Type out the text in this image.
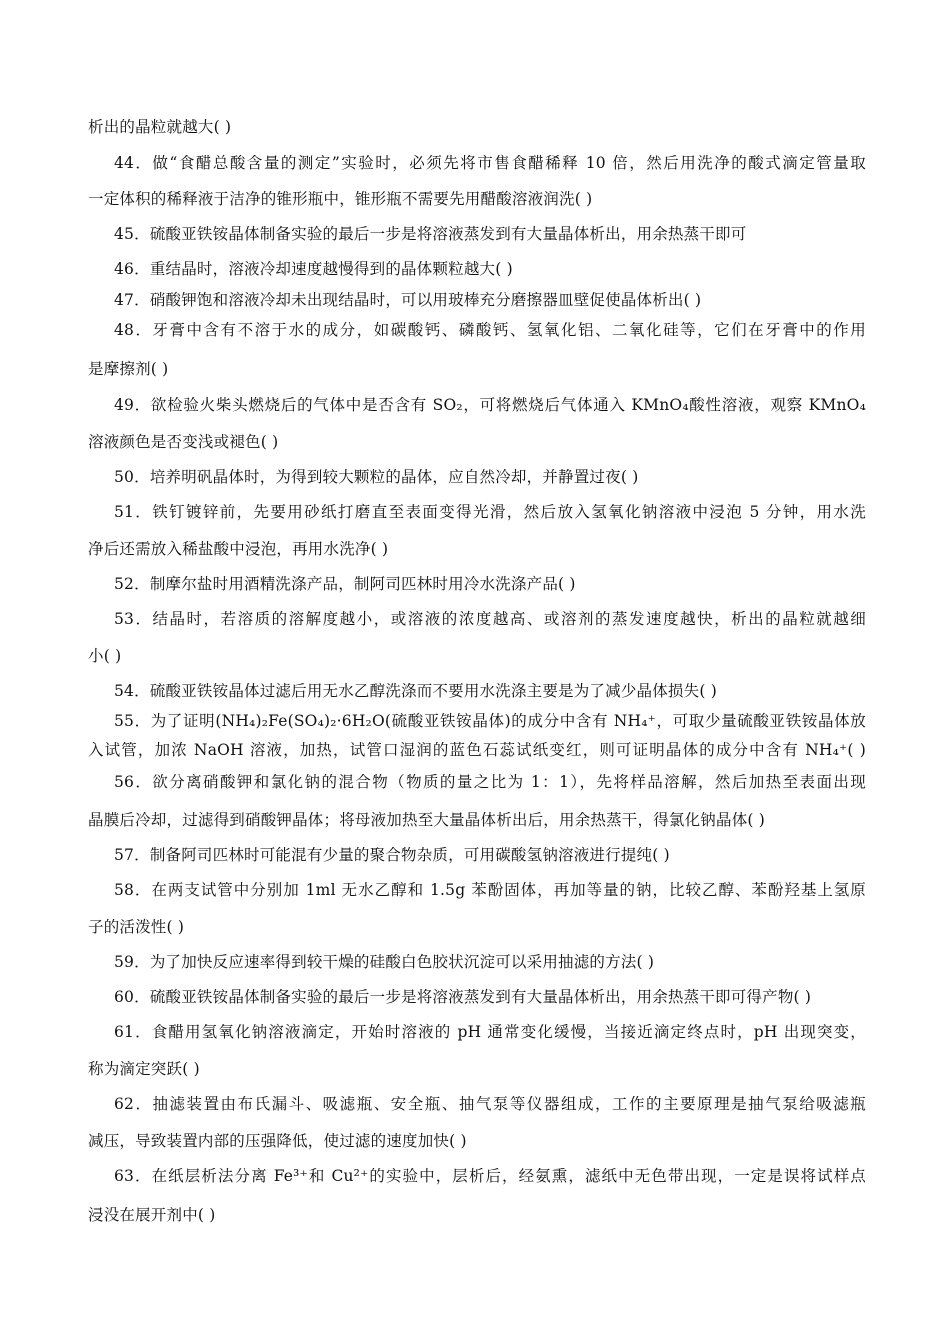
析出的晶粒就越大( )
44．做“食醋总酸含量的测定”实验时，必须先将市售食醋稀释 10 倍，然后用洗净的酸式滴定管量取
一定体积的稀释液于洁净的锥形瓶中，锥形瓶不需要先用醋酸溶液润洗( )
45．硫酸亚铁铵晶体制备实验的最后一步是将溶液蒸发到有大量晶体析出，用余热蒸干即可
46．重结晶时，溶液冷却速度越慢得到的晶体颗粒越大( )
47．硝酸钾饱和溶液冷却未出现结晶时，可以用玻棒充分磨擦器皿壁促使晶体析出( )
48．牙膏中含有不溶于水的成分，如碳酸钙、磷酸钙、氢氧化铝、二氧化硅等，它们在牙膏中的作用
是摩擦剂( )
49．欲检验火柴头燃烧后的气体中是否含有 SO₂，可将燃烧后气体通入 KMnO₄酸性溶液，观察 KMnO₄
溶液颜色是否变浅或褪色( )
50．培养明矾晶体时，为得到较大颗粒的晶体，应自然冷却，并静置过夜( )
51．铁钉镀锌前，先要用砂纸打磨直至表面变得光滑，然后放入氢氧化钠溶液中浸泡 5 分钟，用水洗
净后还需放入稀盐酸中浸泡，再用水洗净( )
52．制摩尔盐时用酒精洗涤产品，制阿司匹林时用冷水洗涤产品( )
53．结晶时，若溶质的溶解度越小，或溶液的浓度越高、或溶剂的蒸发速度越快，析出的晶粒就越细
小( )
54．硫酸亚铁铵晶体过滤后用无水乙醇洗涤而不要用水洗涤主要是为了减少晶体损失( )
55．为了证明(NH₄)₂Fe(SO₄)₂·6H₂O(硫酸亚铁铵晶体)的成分中含有 NH₄⁺，可取少量硫酸亚铁铵晶体放
入试管，加浓 NaOH 溶液，加热，试管口湿润的蓝色石蕊试纸变红，则可证明晶体的成分中含有 NH₄⁺( )
56．欲分离硝酸钾和氯化钠的混合物（物质的量之比为 1：1），先将样品溶解，然后加热至表面出现
晶膜后冷却，过滤得到硝酸钾晶体；将母液加热至大量晶体析出后，用余热蒸干，得氯化钠晶体( )
57．制备阿司匹林时可能混有少量的聚合物杂质，可用碳酸氢钠溶液进行提纯( )
58．在两支试管中分别加 1ml 无水乙醇和 1.5g 苯酚固体，再加等量的钠，比较乙醇、苯酚羟基上氢原
子的活泼性( )
59．为了加快反应速率得到较干燥的硅酸白色胶状沉淀可以采用抽滤的方法( )
60．硫酸亚铁铵晶体制备实验的最后一步是将溶液蒸发到有大量晶体析出，用余热蒸干即可得产物( )
61．食醋用氢氧化钠溶液滴定，开始时溶液的 pH 通常变化缓慢，当接近滴定终点时，pH 出现突变，
称为滴定突跃( )
62．抽滤装置由布氏漏斗、吸滤瓶、安全瓶、抽气泵等仪器组成，工作的主要原理是抽气泵给吸滤瓶
减压，导致装置内部的压强降低，使过滤的速度加快( )
63．在纸层析法分离 Fe³⁺和 Cu²⁺的实验中，层析后，经氨熏，滤纸中无色带出现，一定是误将试样点
浸没在展开剂中( )
